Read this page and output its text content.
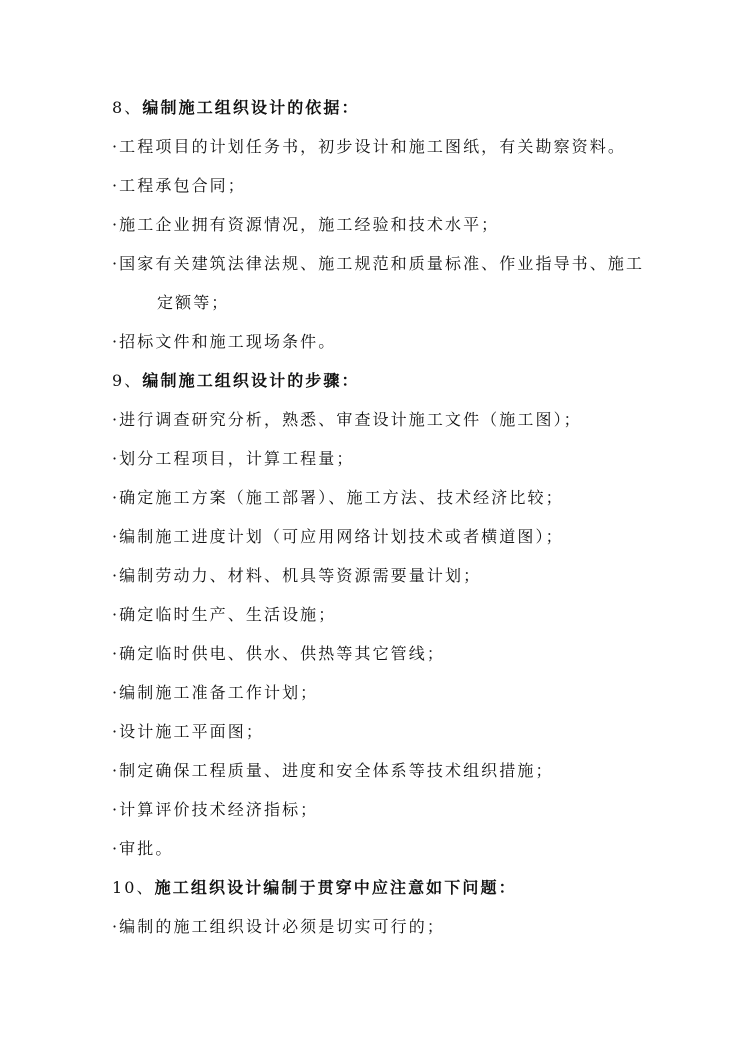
8、编制施工组织设计的依据：
·工程项目的计划任务书，初步设计和施工图纸，有关勘察资料。
·工程承包合同；
·施工企业拥有资源情况，施工经验和技术水平；
·国家有关建筑法律法规、施工规范和质量标准、作业指导书、施工
定额等；
·招标文件和施工现场条件。
9、编制施工组织设计的步骤：
·进行调查研究分析，熟悉、审查设计施工文件（施工图）；
·划分工程项目，计算工程量；
·确定施工方案（施工部署）、施工方法、技术经济比较；
·编制施工进度计划（可应用网络计划技术或者横道图）；
·编制劳动力、材料、机具等资源需要量计划；
·确定临时生产、生活设施；
·确定临时供电、供水、供热等其它管线；
·编制施工准备工作计划；
·设计施工平面图；
·制定确保工程质量、进度和安全体系等技术组织措施；
·计算评价技术经济指标；
·审批。
10、施工组织设计编制于贯穿中应注意如下问题：
·编制的施工组织设计必须是切实可行的；
